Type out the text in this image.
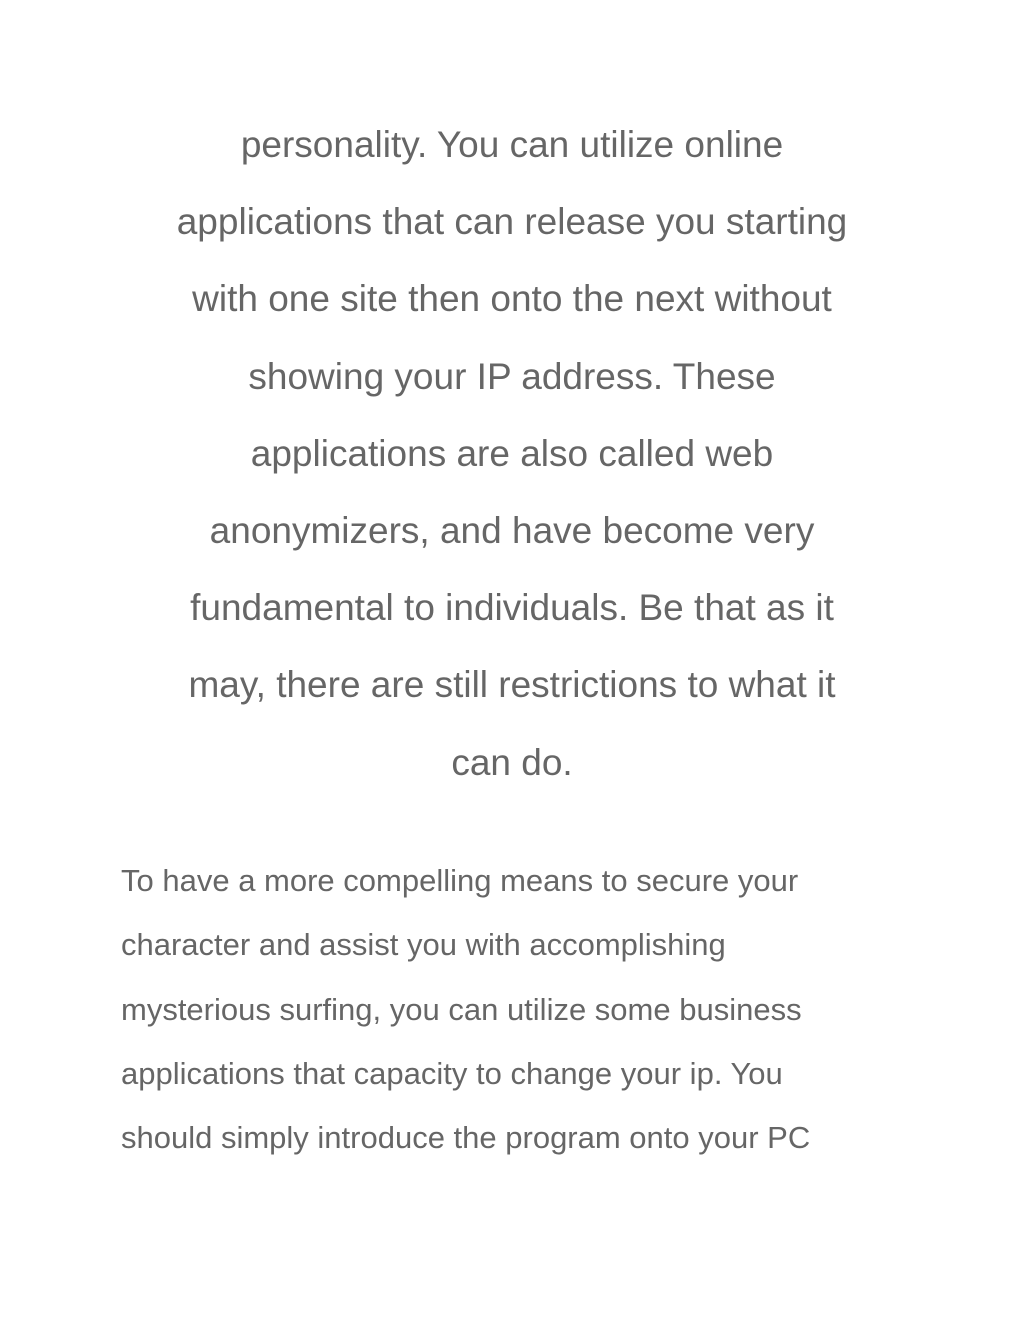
personality. You can utilize online
applications that can release you starting
with one site then onto the next without
showing your IP address. These
applications are also called web
anonymizers, and have become very
fundamental to individuals. Be that as it
may, there are still restrictions to what it
can do.
To have a more compelling means to secure your
character and assist you with accomplishing
mysterious surfing, you can utilize some business
applications that capacity to change your ip. You
should simply introduce the program onto your PC
